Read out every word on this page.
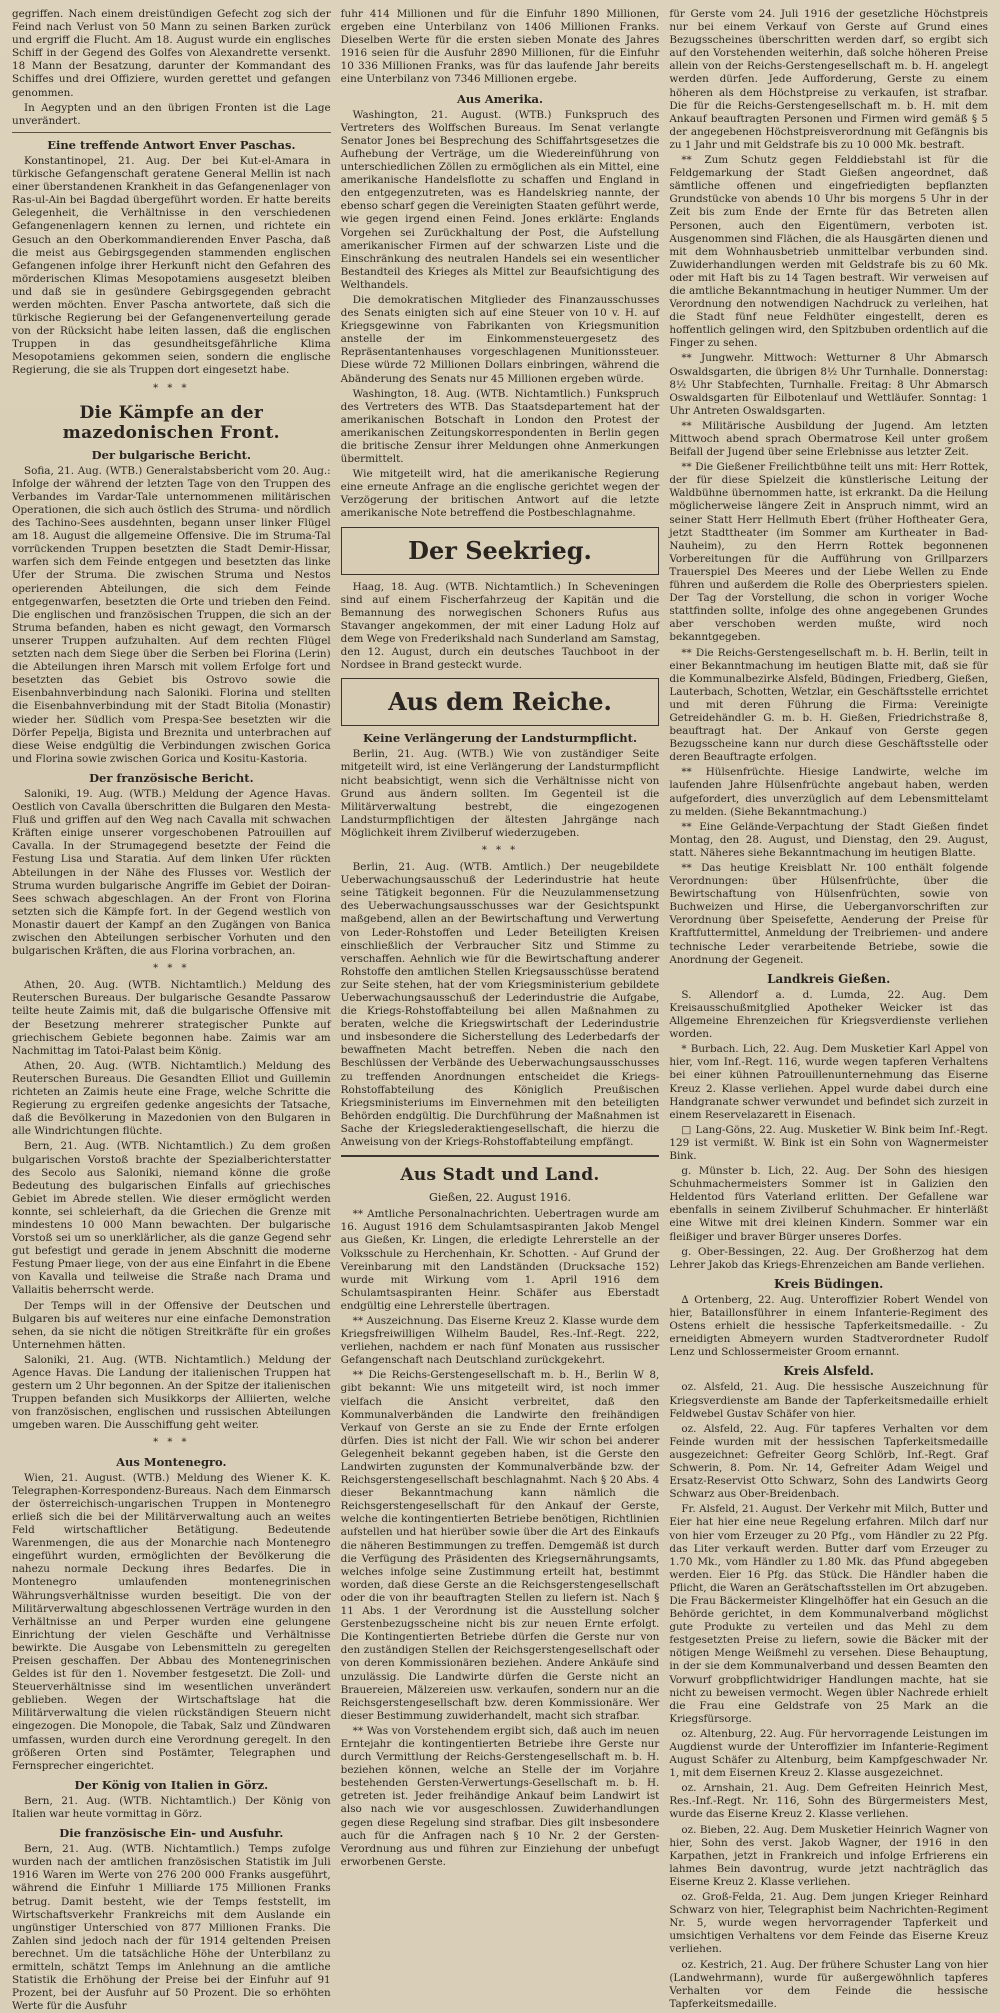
gegriffen. Nach einem dreistündigen Gefecht zog sich der Feind nach Verlust von 50 Mann zu seinen Barken zurück und ergriff die Flucht. Am 18. August wurde ein englisches Schiff in der Gegend des Golfes von Alexandrette versenkt. 18 Mann der Besatzung, darunter der Kommandant des Schiffes und drei Offiziere, wurden gerettet und gefangen genommen.

In Aegypten und an den übrigen Fronten ist die Lage unverändert.

Eine treffende Antwort Enver Paschas.

Konstantinopel, 21. Aug. Der bei Kut-el-Amara in türkische Gefangenschaft geratene General Mellin ist nach einer überstandenen Krankheit in das Gefangenenlager von Ras-ul-Ain bei Bagdad übergeführt worden. Er hatte bereits Gelegenheit, die Verhältnisse in den verschiedenen Gefangenenlagern kennen zu lernen, und richtete ein Gesuch an den Oberkommandierenden Enver Pascha, daß die meist aus Gebirgsgegenden stammenden englischen Gefangenen infolge ihrer Herkunft nicht den Gefahren des mörderischen Klimas Mesopotamiens ausgesetzt bleiben und daß sie in gesündere Gebirgsgegenden gebracht werden möchten. Enver Pascha antwortete, daß sich die türkische Regierung bei der Gefangenenverteilung gerade von der Rücksicht habe leiten lassen, daß die englischen Truppen in das gesundheitsgefährliche Klima Mesopotamiens gekommen seien, sondern die englische Regierung, die sie als Truppen dort eingesetzt habe.

* * *
Die Kämpfe an der mazedonischen Front.
Der bulgarische Bericht.

Sofia, 21. Aug. (WTB.) Generalstabsbericht vom 20. Aug.: Infolge der während der letzten Tage von den Truppen des Verbandes im Vardar-Tale unternommenen militärischen Operationen, die sich auch östlich des Struma- und nördlich des Tachino-Sees ausdehnten, begann unser linker Flügel am 18. August die allgemeine Offensive. Die im Struma-Tal vorrückenden Truppen besetzten die Stadt Demir-Hissar, warfen sich dem Feinde entgegen und besetzten das linke Ufer der Struma. Die zwischen Struma und Nestos operierenden Abteilungen, die sich dem Feinde entgegenwarfen, besetzten die Orte und trieben den Feind. Die englischen und französischen Truppen, die sich an der Struma befanden, haben es nicht gewagt, den Vormarsch unserer Truppen aufzuhalten. Auf dem rechten Flügel setzten nach dem Siege über die Serben bei Florina (Lerin) die Abteilungen ihren Marsch mit vollem Erfolge fort und besetzten das Gebiet bis Ostrovo sowie die Eisenbahnverbindung nach Saloniki. Florina und stellten die Eisenbahnverbindung mit der Stadt Bitolia (Monastir) wieder her. Südlich vom Prespa-See besetzten wir die Dörfer Pepelja, Bigista und Breznita und unterbrachen auf diese Weise endgültig die Verbindungen zwischen Gorica und Florina sowie zwischen Gorica und Kositu-Kastoria.

Der französische Bericht.

Saloniki, 19. Aug. (WTB.) Meldung der Agence Havas. Oestlich von Cavalla überschritten die Bulgaren den Mesta-Fluß und griffen auf den Weg nach Cavalla mit schwachen Kräften einige unserer vorgeschobenen Patrouillen auf Cavalla. In der Strumagegend besetzte der Feind die Festung Lisa und Staratia. Auf dem linken Ufer rückten Abteilungen in der Nähe des Flusses vor. Westlich der Struma wurden bulgarische Angriffe im Gebiet der Doiran-Sees schwach abgeschlagen. An der Front von Florina setzten sich die Kämpfe fort. In der Gegend westlich von Monastir dauert der Kampf an den Zugängen von Banica zwischen den Abteilungen serbischer Vorhuten und den bulgarischen Kräften, die aus Florina vorbrachen, an.

* * *

Athen, 20. Aug. (WTB. Nichtamtlich.) Meldung des Reuterschen Bureaus. Der bulgarische Gesandte Passarow teilte heute Zaimis mit, daß die bulgarische Offensive mit der Besetzung mehrerer strategischer Punkte auf griechischem Gebiete begonnen habe. Zaimis war am Nachmittag im Tatoi-Palast beim König.

Athen, 20. Aug. (WTB. Nichtamtlich.) Meldung des Reuterschen Bureaus. Die Gesandten Elliot und Guillemin richteten an Zaimis heute eine Frage, welche Schritte die Regierung zu ergreifen gedenke angesichts der Tatsache, daß die Bevölkerung in Mazedonien von den Bulgaren in alle Windrichtungen flüchte.

Bern, 21. Aug. (WTB. Nichtamtlich.) Zu dem großen bulgarischen Vorstoß brachte der Spezialberichterstatter des Secolo aus Saloniki, niemand könne die große Bedeutung des bulgarischen Einfalls auf griechisches Gebiet im Abrede stellen. Wie dieser ermöglicht werden konnte, sei schleierhaft, da die Griechen die Grenze mit mindestens 10 000 Mann bewachten. Der bulgarische Vorstoß sei um so unerklärlicher, als die ganze Gegend sehr gut befestigt und gerade in jenem Abschnitt die moderne Festung Pmaer liege, von der aus eine Einfahrt in die Ebene von Kavalla und teilweise die Straße nach Drama und Vallaitis beherrscht werde.

Der Temps will in der Offensive der Deutschen und Bulgaren bis auf weiteres nur eine einfache Demonstration sehen, da sie nicht die nötigen Streitkräfte für ein großes Unternehmen hätten.

Saloniki, 21. Aug. (WTB. Nichtamtlich.) Meldung der Agence Havas. Die Landung der italienischen Truppen hat gestern um 2 Uhr begonnen. An der Spitze der italienischen Truppen befanden sich Musikkorps der Alliierten, welche von französischen, englischen und russischen Abteilungen umgeben waren. Die Ausschiffung geht weiter.

* * *
Aus Montenegro.

Wien, 21. August. (WTB.) Meldung des Wiener K. K. Telegraphen-Korrespondenz-Bureaus. Nach dem Einmarsch der österreichisch-ungarischen Truppen in Montenegro erließ sich die bei der Militärverwaltung auch an weites Feld wirtschaftlicher Betätigung. Bedeutende Warenmengen, die aus der Monarchie nach Montenegro eingeführt wurden, ermöglichten der Bevölkerung die nahezu normale Deckung ihres Bedarfes. Die in Montenegro umlaufenden montenegrinischen Währungsverhältnisse wurden beseitigt. Die von der Militärverwaltung abgeschlossenen Verträge wurden in den Verhältnisse an und Perper wurden eine gelungene Einrichtung der vielen Geschäfte und Verhältnisse bewirkte. Die Ausgabe von Lebensmitteln zu geregelten Preisen geschaffen. Der Abbau des Montenegrinischen Geldes ist für den 1. November festgesetzt. Die Zoll- und Steuerverhältnisse sind im wesentlichen unverändert geblieben. Wegen der Wirtschaftslage hat die Militärverwaltung die vielen rückständigen Steuern nicht eingezogen. Die Monopole, die Tabak, Salz und Zündwaren umfassen, wurden durch eine Verordnung geregelt. In den größeren Orten sind Postämter, Telegraphen und Fernsprecher eingerichtet.

Der König von Italien in Görz.

Bern, 21. Aug. (WTB. Nichtamtlich.) Der König von Italien war heute vormittag in Görz.

Die französische Ein- und Ausfuhr.

Bern, 21. Aug. (WTB. Nichtamtlich.) Temps zufolge wurden nach der amtlichen französischen Statistik im Juli 1916 Waren im Werte von 276 200 000 Franks ausgeführt, während die Einfuhr 1 Milliarde 175 Millionen Franks betrug. Damit besteht, wie der Temps feststellt, im Wirtschaftsverkehr Frankreichs mit dem Auslande ein ungünstiger Unterschied von 877 Millionen Franks. Die Zahlen sind jedoch nach der für 1914 geltenden Preisen berechnet. Um die tatsächliche Höhe der Unterbilanz zu ermitteln, schätzt Temps im Anlehnung an die amtliche Statistik die Erhöhung der Preise bei der Einfuhr auf 91 Prozent, bei der Ausfuhr auf 50 Prozent. Die so erhöhten Werte für die Ausfuhr

fuhr 414 Millionen und für die Einfuhr 1890 Millionen, ergeben eine Unterbilanz von 1406 Millionen Franks. Dieselben Werte für die ersten sieben Monate des Jahres 1916 seien für die Ausfuhr 2890 Millionen, für die Einfuhr 10 336 Millionen Franks, was für das laufende Jahr bereits eine Unterbilanz von 7346 Millionen ergebe.

Aus Amerika.

Washington, 21. August. (WTB.) Funkspruch des Vertreters des Wolffschen Bureaus. Im Senat verlangte Senator Jones bei Besprechung des Schiffahrtsgesetzes die Aufhebung der Verträge, um die Wiedereinführung von unterschiedlichen Zöllen zu ermöglichen als ein Mittel, eine amerikanische Handelsflotte zu schaffen und England in den entgegenzutreten, was es Handelskrieg nannte, der ebenso scharf gegen die Vereinigten Staaten geführt werde, wie gegen irgend einen Feind. Jones erklärte: Englands Vorgehen sei Zurückhaltung der Post, die Aufstellung amerikanischer Firmen auf der schwarzen Liste und die Einschränkung des neutralen Handels sei ein wesentlicher Bestandteil des Krieges als Mittel zur Beaufsichtigung des Welthandels.

Die demokratischen Mitglieder des Finanzausschusses des Senats einigten sich auf eine Steuer von 10 v. H. auf Kriegsgewinne von Fabrikanten von Kriegsmunition anstelle der im Einkommensteuergesetz des Repräsentantenhauses vorgeschlagenen Munitionssteuer. Diese würde 72 Millionen Dollars einbringen, während die Abänderung des Senats nur 45 Millionen ergeben würde.

Washington, 18. Aug. (WTB. Nichtamtlich.) Funkspruch des Vertreters des WTB. Das Staatsdepartement hat der amerikanischen Botschaft in London den Protest der amerikanischen Zeitungskorrespondenten in Berlin gegen die britische Zensur ihrer Meldungen ohne Anmerkungen übermittelt.

Wie mitgeteilt wird, hat die amerikanische Regierung eine erneute Anfrage an die englische gerichtet wegen der Verzögerung der britischen Antwort auf die letzte amerikanische Note betreffend die Postbeschlagnahme.

Der Seekrieg.

Haag, 18. Aug. (WTB. Nichtamtlich.) In Scheveningen sind auf einem Fischerfahrzeug der Kapitän und die Bemannung des norwegischen Schoners Rufus aus Stavanger angekommen, der mit einer Ladung Holz auf dem Wege von Frederikshald nach Sunderland am Samstag, den 12. August, durch ein deutsches Tauchboot in der Nordsee in Brand gesteckt wurde.

Aus dem Reiche.
Keine Verlängerung der Landsturmpflicht.

Berlin, 21. Aug. (WTB.) Wie von zuständiger Seite mitgeteilt wird, ist eine Verlängerung der Landsturmpflicht nicht beabsichtigt, wenn sich die Verhältnisse nicht von Grund aus ändern sollten. Im Gegenteil ist die Militärverwaltung bestrebt, die eingezogenen Landsturmpflichtigen der ältesten Jahrgänge nach Möglichkeit ihrem Zivilberuf wiederzugeben.

* * *

Berlin, 21. Aug. (WTB. Amtlich.) Der neugebildete Ueberwachungsausschuß der Lederindustrie hat heute seine Tätigkeit begonnen. Für die Neuzulammensetzung des Ueberwachungsausschusses war der Gesichtspunkt maßgebend, allen an der Bewirtschaftung und Verwertung von Leder-Rohstoffen und Leder Beteiligten Kreisen einschließlich der Verbraucher Sitz und Stimme zu verschaffen. Aehnlich wie für die Bewirtschaftung anderer Rohstoffe den amtlichen Stellen Kriegsausschüsse beratend zur Seite stehen, hat der vom Kriegsministerium gebildete Ueberwachungsausschuß der Lederindustrie die Aufgabe, die Kriegs-Rohstoffabteilung bei allen Maßnahmen zu beraten, welche die Kriegswirtschaft der Lederindustrie und insbesondere die Sicherstellung des Lederbedarfs der bewaffneten Macht betreffen. Neben die nach den Beschlüssen der Verbände des Ueberwachungsausschusses zu treffenden Anordnungen entscheidet die Kriegs-Rohstoffabteilung des Königlich Preußischen Kriegsministeriums im Einvernehmen mit den beteiligten Behörden endgültig. Die Durchführung der Maßnahmen ist Sache der Kriegslederaktiengesellschaft, die hierzu die Anweisung von der Kriegs-Rohstoffabteilung empfängt.

Aus Stadt und Land.
Gießen, 22. August 1916.

** Amtliche Personalnachrichten. Uebertragen wurde am 16. August 1916 dem Schulamtsaspiranten Jakob Mengel aus Gießen, Kr. Lingen, die erledigte Lehrerstelle an der Volksschule zu Herchenhain, Kr. Schotten. - Auf Grund der Vereinbarung mit den Landständen (Drucksache 152) wurde mit Wirkung vom 1. April 1916 dem Schulamtsaspiranten Heinr. Schäfer aus Eberstadt endgültig eine Lehrerstelle übertragen.

** Auszeichnung. Das Eiserne Kreuz 2. Klasse wurde dem Kriegsfreiwilligen Wilhelm Baudel, Res.-Inf.-Regt. 222, verliehen, nachdem er nach fünf Monaten aus russischer Gefangenschaft nach Deutschland zurückgekehrt.

** Die Reichs-Gerstengesellschaft m. b. H., Berlin W 8, gibt bekannt: Wie uns mitgeteilt wird, ist noch immer vielfach die Ansicht verbreitet, daß den Kommunalverbänden die Landwirte den freihändigen Verkauf von Gerste an sie zu Ende der Ernte erfolgen dürfen. Dies ist nicht der Fall. Wie wir schon bei anderer Gelegenheit bekannt gegeben haben, ist die Gerste den Landwirten zugunsten der Kommunalverbände bzw. der Reichsgerstengesellschaft beschlagnahmt. Nach § 20 Abs. 4 dieser Bekanntmachung kann nämlich die Reichsgerstengesellschaft für den Ankauf der Gerste, welche die kontingentierten Betriebe benötigen, Richtlinien aufstellen und hat hierüber sowie über die Art des Einkaufs die näheren Bestimmungen zu treffen. Demgemäß ist durch die Verfügung des Präsidenten des Kriegsernährungsamts, welches infolge seine Zustimmung erteilt hat, bestimmt worden, daß diese Gerste an die Reichsgerstengesellschaft oder die von ihr beauftragten Stellen zu liefern ist. Nach § 11 Abs. 1 der Verordnung ist die Ausstellung solcher Gerstenbezugsscheine nicht bis zur neuen Ernte erfolgt. Die Kontingentierten Betriebe dürfen die Gerste nur von den zuständigen Stellen der Reichsgerstengesellschaft oder von deren Kommissionären beziehen. Andere Ankäufe sind unzulässig. Die Landwirte dürfen die Gerste nicht an Brauereien, Mälzereien usw. verkaufen, sondern nur an die Reichsgerstengesellschaft bzw. deren Kommissionäre. Wer dieser Bestimmung zuwiderhandelt, macht sich strafbar.

** Was von Vorstehendem ergibt sich, daß auch im neuen Erntejahr die kontingentierten Betriebe ihre Gerste nur durch Vermittlung der Reichs-Gerstengesellschaft m. b. H. beziehen können, welche an Stelle der im Vorjahre bestehenden Gersten-Verwertungs-Gesellschaft m. b. H. getreten ist. Jeder freihändige Ankauf beim Landwirt ist also nach wie vor ausgeschlossen. Zuwiderhandlungen gegen diese Regelung sind strafbar. Dies gilt insbesondere auch für die Anfragen nach § 10 Nr. 2 der Gersten-Verordnung aus und führen zur Einziehung der unbefugt erworbenen Gerste.

für Gerste vom 24. Juli 1916 der gesetzliche Höchstpreis nur bei einem Verkauf von Gerste auf Grund eines Bezugsscheines überschritten werden darf, so ergibt sich auf den Vorstehenden weiterhin, daß solche höheren Preise allein von der Reichs-Gerstengesellschaft m. b. H. angelegt werden dürfen. Jede Aufforderung, Gerste zu einem höheren als dem Höchstpreise zu verkaufen, ist strafbar. Die für die Reichs-Gerstengesellschaft m. b. H. mit dem Ankauf beauftragten Personen und Firmen wird gemäß § 5 der angegebenen Höchstpreisverordnung mit Gefängnis bis zu 1 Jahr und mit Geldstrafe bis zu 10 000 Mk. bestraft.

** Zum Schutz gegen Felddiebstahl ist für die Feldgemarkung der Stadt Gießen angeordnet, daß sämtliche offenen und eingefriedigten bepflanzten Grundstücke von abends 10 Uhr bis morgens 5 Uhr in der Zeit bis zum Ende der Ernte für das Betreten allen Personen, auch den Eigentümern, verboten ist. Ausgenommen sind Flächen, die als Hausgärten dienen und mit dem Wohnhausbetrieb unmittelbar verbunden sind. Zuwiderhandlungen werden mit Geldstrafe bis zu 60 Mk. oder mit Haft bis zu 14 Tagen bestraft. Wir verweisen auf die amtliche Bekanntmachung in heutiger Nummer. Um der Verordnung den notwendigen Nachdruck zu verleihen, hat die Stadt fünf neue Feldhüter eingestellt, deren es hoffentlich gelingen wird, den Spitzbuben ordentlich auf die Finger zu sehen.

** Jungwehr. Mittwoch: Wetturner 8 Uhr Abmarsch Oswaldsgarten, die übrigen 8½ Uhr Turnhalle. Donnerstag: 8½ Uhr Stabfechten, Turnhalle. Freitag: 8 Uhr Abmarsch Oswaldsgarten für Eilbotenlauf und Wettläufer. Sonntag: 1 Uhr Antreten Oswaldsgarten.

** Militärische Ausbildung der Jugend. Am letzten Mittwoch abend sprach Obermatrose Keil unter großem Beifall der Jugend über seine Erlebnisse aus letzter Zeit.

** Die Gießener Freilichtbühne teilt uns mit: Herr Rottek, der für diese Spielzeit die künstlerische Leitung der Waldbühne übernommen hatte, ist erkrankt. Da die Heilung möglicherweise längere Zeit in Anspruch nimmt, wird an seiner Statt Herr Hellmuth Ebert (früher Hoftheater Gera, jetzt Stadttheater (im Sommer am Kurtheater in Bad-Nauheim), zu den Herrn Rottek begonnenen Vorbereitungen für die Aufführung von Grillparzers Trauerspiel Des Meeres und der Liebe Wellen zu Ende führen und außerdem die Rolle des Oberpriesters spielen. Der Tag der Vorstellung, die schon in voriger Woche stattfinden sollte, infolge des ohne angegebenen Grundes aber verschoben werden mußte, wird noch bekanntgegeben.

** Die Reichs-Gerstengesellschaft m. b. H. Berlin, teilt in einer Bekanntmachung im heutigen Blatte mit, daß sie für die Kommunalbezirke Alsfeld, Büdingen, Friedberg, Gießen, Lauterbach, Schotten, Wetzlar, ein Geschäftsstelle errichtet und mit deren Führung die Firma: Vereinigte Getreidehändler G. m. b. H. Gießen, Friedrichstraße 8, beauftragt hat. Der Ankauf von Gerste gegen Bezugsscheine kann nur durch diese Geschäftsstelle oder deren Beauftragte erfolgen.

** Hülsenfrüchte. Hiesige Landwirte, welche im laufenden Jahre Hülsenfrüchte angebaut haben, werden aufgefordert, dies unverzüglich auf dem Lebensmittelamt zu melden. (Siehe Bekanntmachung.)

** Eine Gelände-Verpachtung der Stadt Gießen findet Montag, den 28. August, und Dienstag, den 29. August, statt. Näheres siehe Bekanntmachung im heutigen Blatte.

** Das heutige Kreisblatt Nr. 100 enthält folgende Verordnungen: über Hülsenfrüchte, über die Bewirtschaftung von Hülsenfrüchten, sowie von Buchweizen und Hirse, die Ueberganvorschriften zur Verordnung über Speisefette, Aenderung der Preise für Kraftfuttermittel, Anmeldung der Treibriemen- und andere technische Leder verarbeitende Betriebe, sowie die Anordnung der Gegeneit.

Landkreis Gießen.

S. Allendorf a. d. Lumda, 22. Aug. Dem Kreisausschußmitglied Apotheker Weicker ist das Allgemeine Ehrenzeichen für Kriegsverdienste verliehen worden.

* Burbach. Lich, 22. Aug. Dem Musketier Karl Appel von hier, vom Inf.-Regt. 116, wurde wegen tapferen Verhaltens bei einer kühnen Patrouillenunternehmung das Eiserne Kreuz 2. Klasse verliehen. Appel wurde dabei durch eine Handgranate schwer verwundet und befindet sich zurzeit in einem Reservelazarett in Eisenach.

□ Lang-Göns, 22. Aug. Musketier W. Bink beim Inf.-Regt. 129 ist vermißt. W. Bink ist ein Sohn von Wagnermeister Bink.

g. Münster b. Lich, 22. Aug. Der Sohn des hiesigen Schuhmachermeisters Sommer ist in Galizien den Heldentod fürs Vaterland erlitten. Der Gefallene war ebenfalls in seinem Zivilberuf Schuhmacher. Er hinterläßt eine Witwe mit drei kleinen Kindern. Sommer war ein fleißiger und braver Bürger unseres Dorfes.

g. Ober-Bessingen, 22. Aug. Der Großherzog hat dem Lehrer Jakob das Kriegs-Ehrenzeichen am Bande verliehen.

Kreis Büdingen.

∆ Ortenberg, 22. Aug. Unteroffizier Robert Wendel von hier, Bataillonsführer in einem Infanterie-Regiment des Ostens erhielt die hessische Tapferkeitsmedaille. - Zu erneidigten Abmeyern wurden Stadtverordneter Rudolf Lenz und Schlossermeister Groom ernannt.

Kreis Alsfeld.

oz. Alsfeld, 21. Aug. Die hessische Auszeichnung für Kriegsverdienste am Bande der Tapferkeitsmedaille erhielt Feldwebel Gustav Schäfer von hier.

oz. Alsfeld, 22. Aug. Für tapferes Verhalten vor dem Feinde wurden mit der hessischen Tapferkeitsmedaille ausgezeichnet: Gefreiter Georg Schlörb, Inf.-Regt. Graf Schwerin, 8. Pom. Nr. 14, Gefreiter Adam Weigel und Ersatz-Reservist Otto Schwarz, Sohn des Landwirts Georg Schwarz aus Ober-Breidenbach.

Fr. Alsfeld, 21. August. Der Verkehr mit Milch, Butter und Eier hat hier eine neue Regelung erfahren. Milch darf nur von hier vom Erzeuger zu 20 Pfg., vom Händler zu 22 Pfg. das Liter verkauft werden. Butter darf vom Erzeuger zu 1.70 Mk., vom Händler zu 1.80 Mk. das Pfund abgegeben werden. Eier 16 Pfg. das Stück. Die Händler haben die Pflicht, die Waren an Gerätschaftsstellen im Ort abzugeben. Die Frau Bäckermeister Klingelhöffer hat ein Gesuch an die Behörde gerichtet, in dem Kommunalverband möglichst gute Produkte zu verteilen und das Mehl zu dem festgesetzten Preise zu liefern, sowie die Bäcker mit der nötigen Menge Weißmehl zu versehen. Diese Behauptung, in der sie dem Kommunalverband und dessen Beamten den Vorwurf grobpflichtwidriger Handlungen machte, hat sie nicht zu beweisen vermocht. Wegen übler Nachrede erhielt die Frau eine Geldstrafe von 25 Mark an die Kriegsfürsorge.

oz. Altenburg, 22. Aug. Für hervorragende Leistungen im Augdienst wurde der Unteroffizier im Infanterie-Regiment August Schäfer zu Altenburg, beim Kampfgeschwader Nr. 1, mit dem Eisernen Kreuz 2. Klasse ausgezeichnet.

oz. Arnshain, 21. Aug. Dem Gefreiten Heinrich Mest, Res.-Inf.-Regt. Nr. 116, Sohn des Bürgermeisters Mest, wurde das Eiserne Kreuz 2. Klasse verliehen.

oz. Bieben, 22. Aug. Dem Musketier Heinrich Wagner von hier, Sohn des verst. Jakob Wagner, der 1916 in den Karpathen, jetzt in Frankreich und infolge Erfrierens ein lahmes Bein davontrug, wurde jetzt nachträglich das Eiserne Kreuz 2. Klasse verliehen.

oz. Groß-Felda, 21. Aug. Dem jungen Krieger Reinhard Schwarz von hier, Telegraphist beim Nachrichten-Regiment Nr. 5, wurde wegen hervorragender Tapferkeit und umsichtigen Verhaltens vor dem Feinde das Eiserne Kreuz verliehen.

oz. Kestrich, 21. Aug. Der frühere Schuster Lang von hier (Landwehrmann), wurde für außergewöhnlich tapferes Verhalten vor dem Feinde die hessische Tapferkeitsmedaille.
